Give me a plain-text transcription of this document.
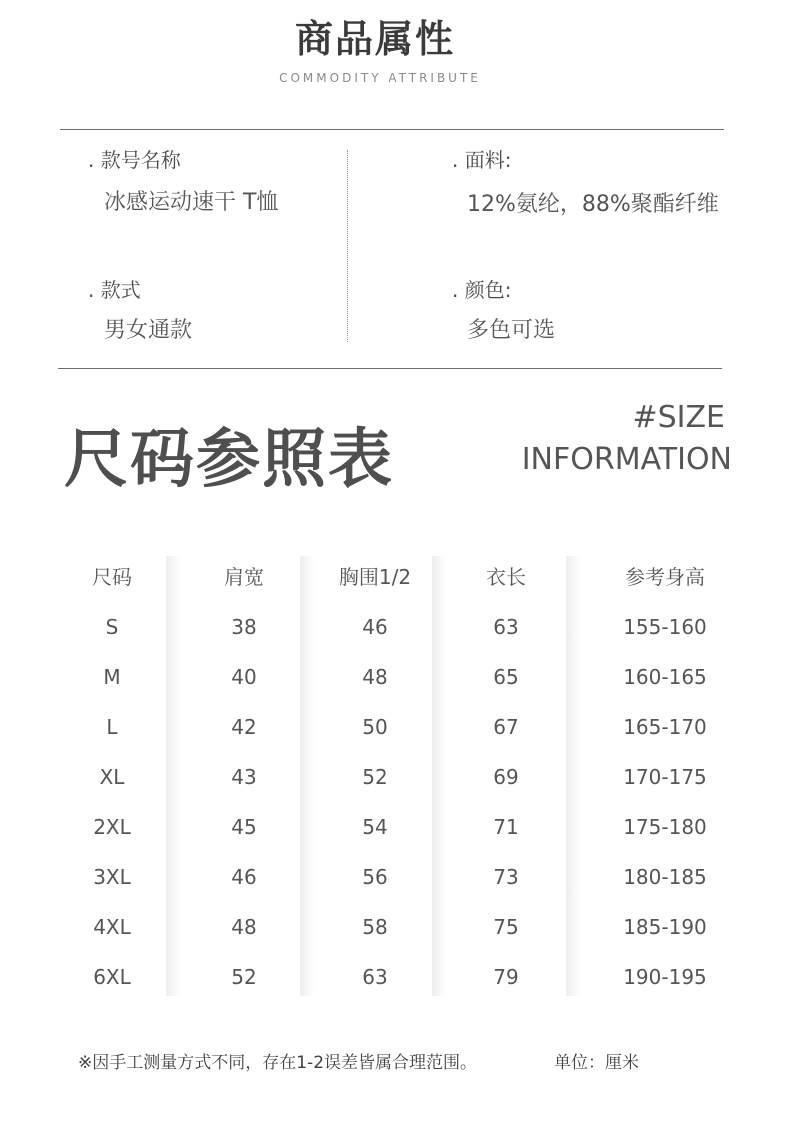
商品属性
COMMODITY ATTRIBUTE
. 款号名称
冰感运动速干 T恤
. 款式
男女通款
. 面料:
12%氨纶，88%聚酯纤维
. 颜色:
多色可选
尺码参照表
#SIZE
INFORMATION
尺码	肩宽	胸围1/2	衣长	参考身高
S	38	46	63	155-160
M	40	48	65	160-165
L	42	50	67	165-170
XL	43	52	69	170-175
2XL	45	54	71	175-180
3XL	46	56	73	180-185
4XL	48	58	75	185-190
6XL	52	63	79	190-195
※因手工测量方式不同，存在1-2误差皆属合理范围。	单位：厘米
